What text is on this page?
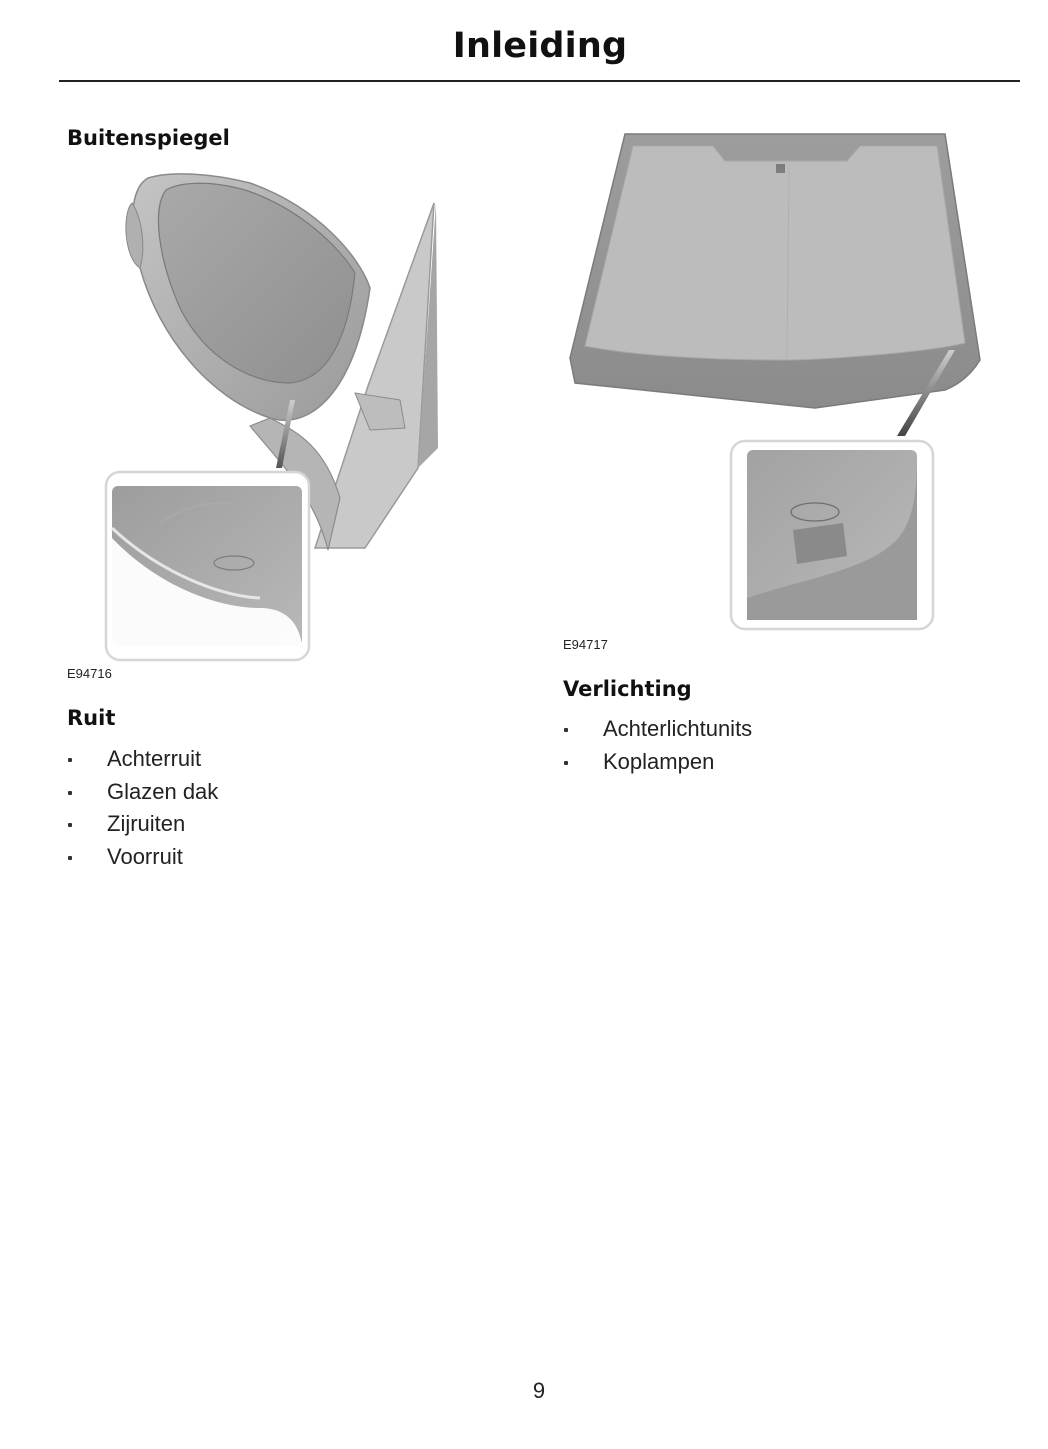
Inleiding
Buitenspiegel
E94716
Ruit
Achterruit
Glazen dak
Zijruiten
Voorruit
E94717
Verlichting
Achterlichtunits
Koplampen
9
